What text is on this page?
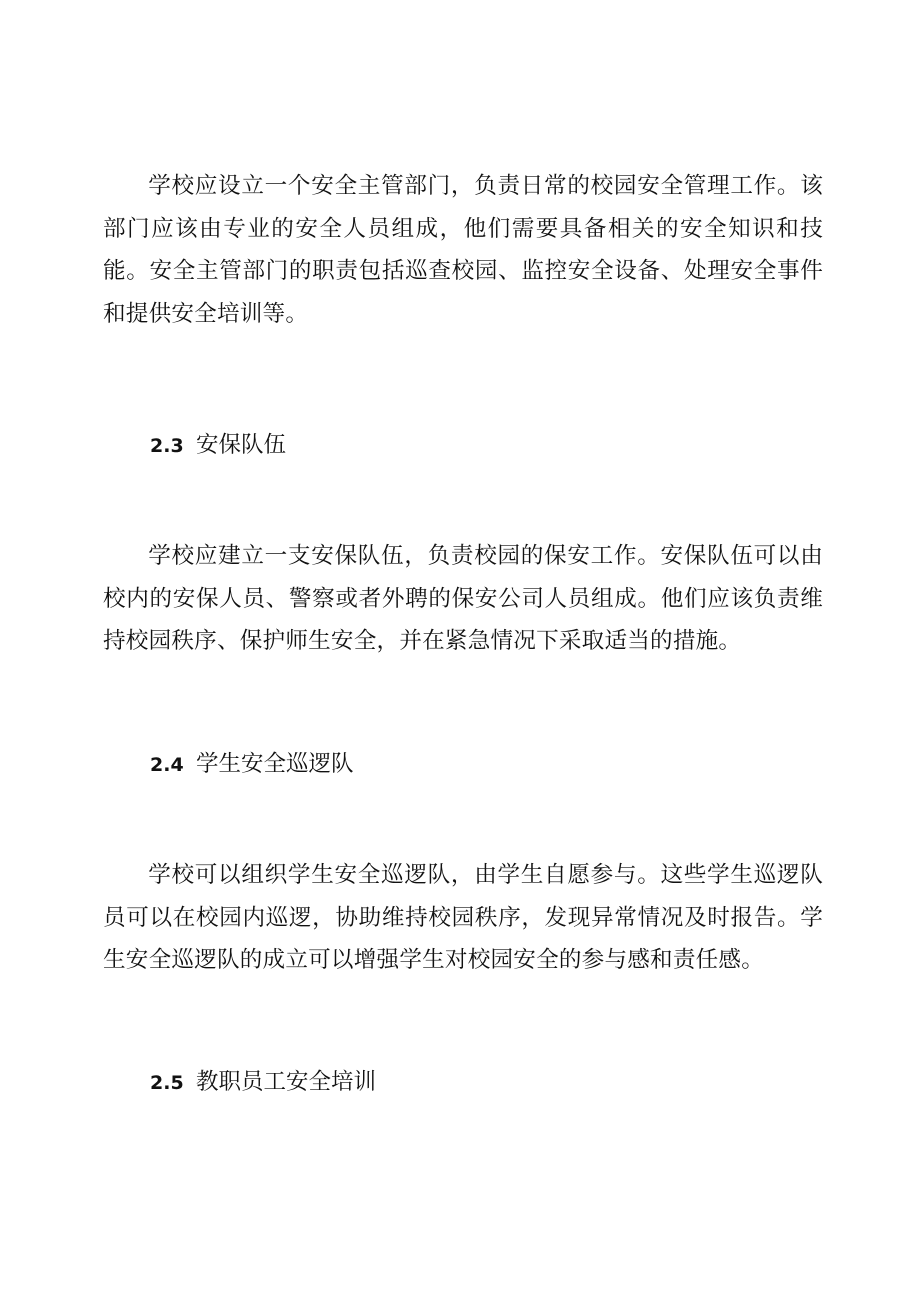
学校应设立一个安全主管部门，负责日常的校园安全管理工作。该部门应该由专业的安全人员组成，他们需要具备相关的安全知识和技能。安全主管部门的职责包括巡查校园、监控安全设备、处理安全事件和提供安全培训等。

2.3 安保队伍

学校应建立一支安保队伍，负责校园的保安工作。安保队伍可以由校内的安保人员、警察或者外聘的保安公司人员组成。他们应该负责维持校园秩序、保护师生安全，并在紧急情况下采取适当的措施。

2.4 学生安全巡逻队

学校可以组织学生安全巡逻队，由学生自愿参与。这些学生巡逻队员可以在校园内巡逻，协助维持校园秩序，发现异常情况及时报告。学生安全巡逻队的成立可以增强学生对校园安全的参与感和责任感。

2.5 教职员工安全培训
